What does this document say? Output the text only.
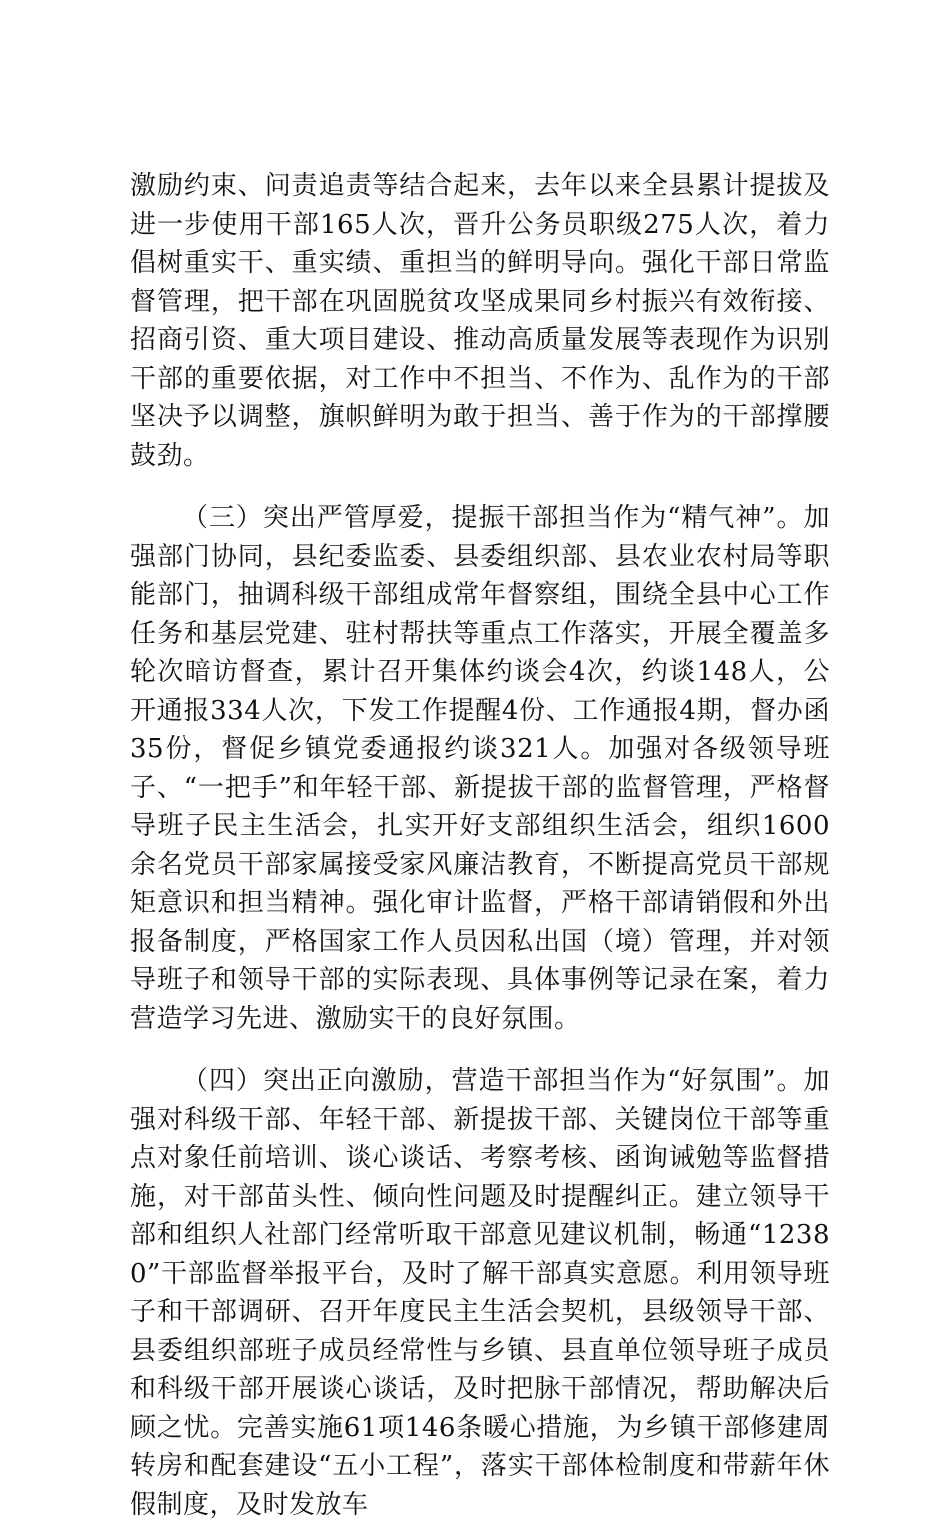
激励约束、问责追责等结合起来，去年以来全县累计提拔及进一步使用干部165人次，晋升公务员职级275人次，着力倡树重实干、重实绩、重担当的鲜明导向。强化干部日常监督管理，把干部在巩固脱贫攻坚成果同乡村振兴有效衔接、招商引资、重大项目建设、推动高质量发展等表现作为识别干部的重要依据，对工作中不担当、不作为、乱作为的干部坚决予以调整，旗帜鲜明为敢于担当、善于作为的干部撑腰鼓劲。

（三）突出严管厚爱，提振干部担当作为“精气神”。加强部门协同，县纪委监委、县委组织部、县农业农村局等职能部门，抽调科级干部组成常年督察组，围绕全县中心工作任务和基层党建、驻村帮扶等重点工作落实，开展全覆盖多轮次暗访督查，累计召开集体约谈会4次，约谈148人，公开通报334人次，下发工作提醒4份、工作通报4期，督办函35份，督促乡镇党委通报约谈321人。加强对各级领导班子、“一把手”和年轻干部、新提拔干部的监督管理，严格督导班子民主生活会，扎实开好支部组织生活会，组织1600余名党员干部家属接受家风廉洁教育，不断提高党员干部规矩意识和担当精神。强化审计监督，严格干部请销假和外出报备制度，严格国家工作人员因私出国（境）管理，并对领导班子和领导干部的实际表现、具体事例等记录在案，着力营造学习先进、激励实干的良好氛围。

（四）突出正向激励，营造干部担当作为“好氛围”。加强对科级干部、年轻干部、新提拔干部、关键岗位干部等重点对象任前培训、谈心谈话、考察考核、函询诫勉等监督措施，对干部苗头性、倾向性问题及时提醒纠正。建立领导干部和组织人社部门经常听取干部意见建议机制，畅通“12380”干部监督举报平台，及时了解干部真实意愿。利用领导班子和干部调研、召开年度民主生活会契机，县级领导干部、县委组织部班子成员经常性与乡镇、县直单位领导班子成员和科级干部开展谈心谈话，及时把脉干部情况，帮助解决后顾之忧。完善实施61项146条暖心措施，为乡镇干部修建周转房和配套建设“五小工程”，落实干部体检制度和带薪年休假制度，及时发放车
